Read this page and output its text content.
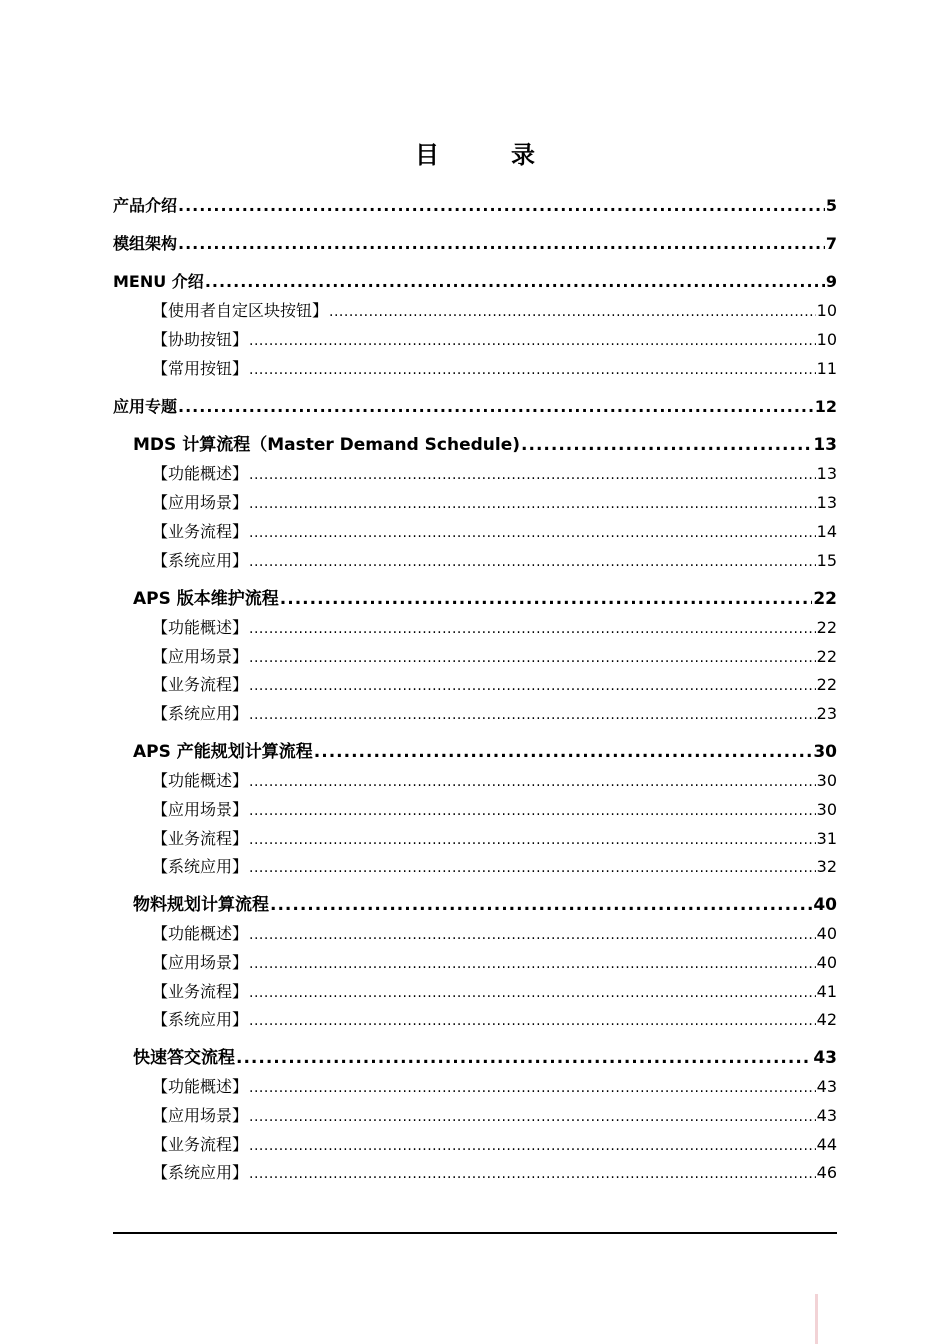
目　录
产品介绍 .....	5
模组架构 .....	7
MENU 介绍 .....	9
【使用者自定区块按钮】 .....	10
【协助按钮】 .....	10
【常用按钮】 .....	11
应用专题 .....	12
MDS 计算流程（Master Demand Schedule) .....	13
【功能概述】 .....	13
【应用场景】 .....	13
【业务流程】 .....	14
【系统应用】 .....	15
APS 版本维护流程 .....	22
【功能概述】 .....	22
【应用场景】 .....	22
【业务流程】 .....	22
【系统应用】 .....	23
APS 产能规划计算流程 .....	30
【功能概述】 .....	30
【应用场景】 .....	30
【业务流程】 .....	31
【系统应用】 .....	32
物料规划计算流程 .....	40
【功能概述】 .....	40
【应用场景】 .....	40
【业务流程】 .....	41
【系统应用】 .....	42
快速答交流程 .....	43
【功能概述】 .....	43
【应用场景】 .....	43
【业务流程】 .....	44
【系统应用】 .....	46
